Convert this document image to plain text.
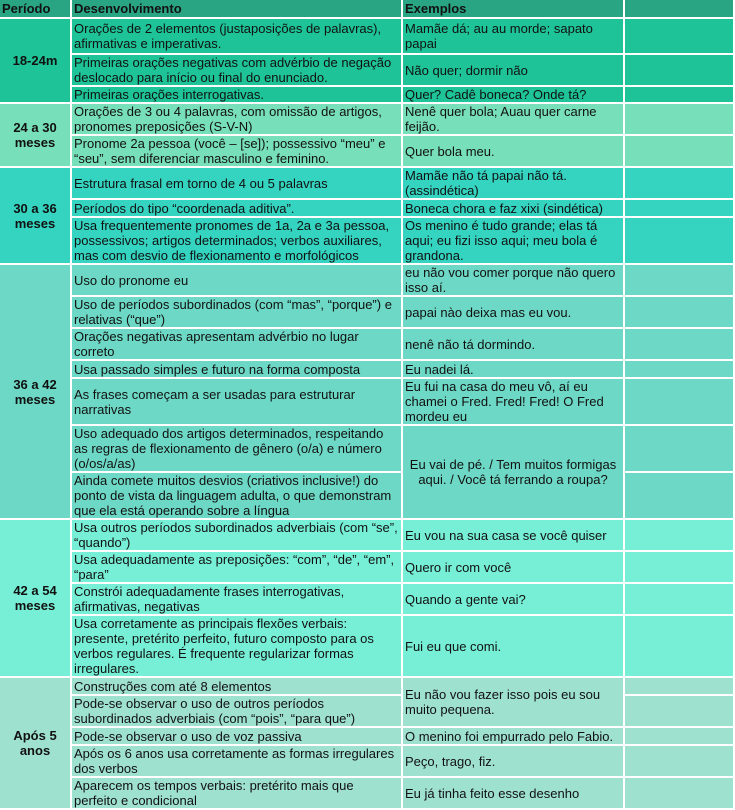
Período	Desenvolvimento	Exemplos	
18-24m	Orações de 2 elementos (justaposições de palavras), afirmativas e imperativas.	Mamãe dá; au au morde; sapato papai	
	Primeiras orações negativas com advérbio de negação deslocado para início ou final do enunciado.	Não quer; dormir não	
	Primeiras orações interrogativas.	Quer? Cadê boneca? Onde tá?	
24 a 30 meses	Orações de 3 ou 4 palavras, com omissão de artigos, pronomes preposições (S-V-N)	Nenê quer bola; Auau quer carne feijão.	
	Pronome 2a pessoa (você – [se]); possessivo “meu” e “seu”, sem diferenciar masculino e feminino.	Quer bola meu.	
30 a 36 meses	Estrutura frasal em torno de 4 ou 5 palavras	Mamãe não tá papai não tá. (assindética)	
	Períodos do tipo “coordenada aditiva”.	Boneca chora e faz xixi (sindética)	
	Usa frequentemente pronomes de 1a, 2a e 3a pessoa, possessivos; artigos determinados; verbos auxiliares, mas com desvio de flexionamento e morfológicos	Os menino é tudo grande; elas tá aqui; eu fizi isso aqui; meu bola é grandona.	
36 a 42 meses	Uso do pronome eu	eu não vou comer porque não quero isso aí.	
	Uso de períodos subordinados (com “mas”, “porque”) e relativas (“que”)	papai nào deixa mas eu vou.	
	Orações negativas apresentam advérbio no lugar correto	nenê não tá dormindo.	
	Usa passado simples e futuro na forma composta	Eu nadei lá.	
	As frases começam a ser usadas para estruturar narrativas	Eu fui na casa do meu vô, aí eu chamei o Fred. Fred! Fred! O Fred mordeu eu	
	Uso adequado dos artigos determinados, respeitando as regras de flexionamento de gênero (o/a) e número (o/os/a/as)	Eu vai de pé. / Tem muitos formigas aqui. / Você tá ferrando a roupa?	
	Ainda comete muitos desvios (criativos inclusive!) do ponto de vista da linguagem adulta, o que demonstram que ela está operando sobre a língua		
42 a 54 meses	Usa outros períodos subordinados adverbiais (com “se”, “quando”)	Eu vou na sua casa se você quiser	
	Usa adequadamente as preposições: “com”, “de”, “em”, “para”	Quero ir com você	
	Constrói adequadamente frases interrogativas, afirmativas, negativas	Quando a gente vai?	
	Usa corretamente as principais flexões verbais: presente, pretérito perfeito, futuro composto para os verbos regulares. É frequente regularizar formas irregulares.	Fui eu que comi.	
Após 5 anos	Construções com até 8 elementos	Eu não vou fazer isso pois eu sou muito pequena.	
	Pode-se observar o uso de outros períodos subordinados adverbiais (com “pois”, “para que”)		
	Pode-se observar o uso de voz passiva	O menino foi empurrado pelo Fabio.	
	Após os 6 anos usa corretamente as formas irregulares dos verbos	Peço, trago, fiz.	
	Aparecem os tempos verbais: pretérito mais que perfeito e condicional	Eu já tinha feito esse desenho	
